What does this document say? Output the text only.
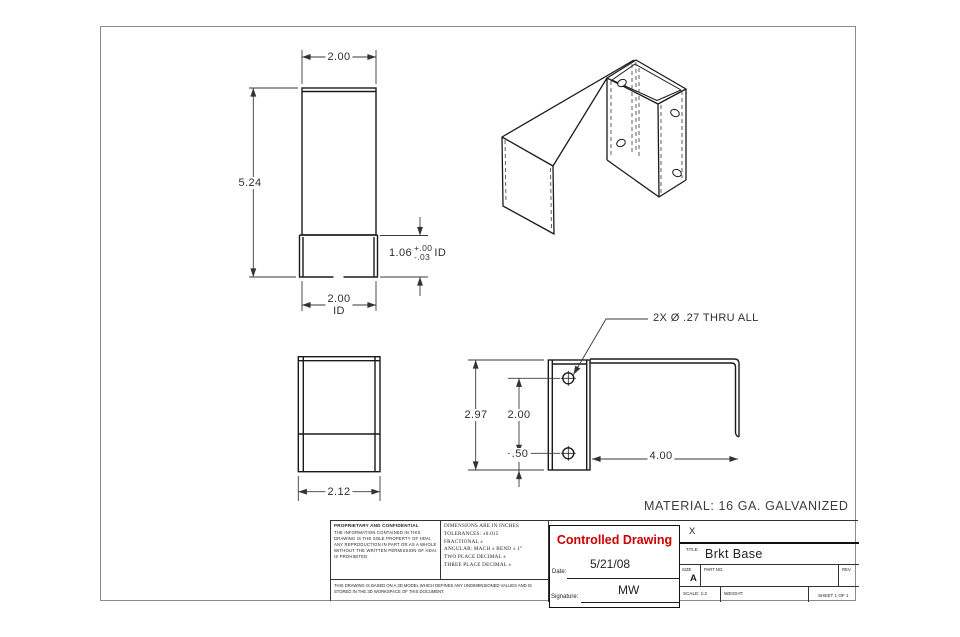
2.00
5.24
1.06 +.00
-.03 ID
2.00
ID
2.12
2.97 2.00
.50	4.00
2X Ø .27 THRU ALL
MATERIAL: 16 GA. GALVANIZED
PROPRIETARY AND CONFIDENTIAL
THE INFORMATION CONTAINED IN THIS DRAWING IS THE SOLE PROPERTY OF HDAI. ANY REPRODUCTION IN PART OR AS A WHOLE WITHOUT THE WRITTEN PERMISSION OF HDAI IS PROHIBITED.
DIMENSIONS ARE IN INCHES
TOLERANCES: ±0.015
FRACTIONAL ±
ANGULAR: MACH ± BEND ± 1°
TWO PLACE DECIMAL ±
THREE PLACE DECIMAL ±
THIS DRAWING IS BASED ON A 3D MODEL WHICH DEFINES ANY UNDIMENSIONED VALUES AND IS STORED IN THE 3D WORKSPACE OF THIS DOCUMENT.
Controlled Drawing
Date:
5/21/08
Signature:	MW
X
TITLE: Brkt Base
SIZE
A
PART NO.	REV.
SCALE: 1:2	WEIGHT:	SHEET 1 OF 1
